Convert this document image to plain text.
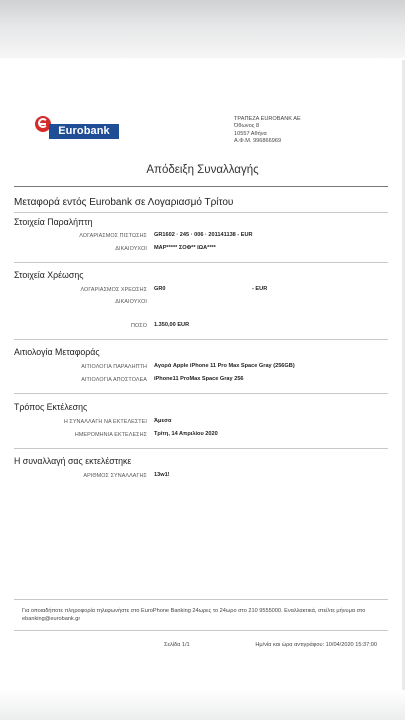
Eurobank
ΤΡΑΠΕΖΑ EUROBANK AE
Όθωνος 8
10557 Αθήνα
Α.Φ.Μ. 996866969
Απόδειξη Συναλλαγής
Μεταφορά εντός Eurobank σε Λογαριασμό Τρίτου
Στοιχεία Παραλήπτη
ΛΟΓΑΡΙΑΣΜΟΣ ΠΙΣΤΩΣΗΣ GR1602 · 245 · 006 · 201141138 - EUR
ΔΙΚΑΙΟΥΧΟΙ ΜΑΡ***** ΣΟΦ** ΙΩΑ****
Στοιχεία Χρέωσης
ΛΟΓΑΡΙΑΣΜΟΣ ΧΡΕΩΣΗΣ GR0	- EUR
ΔΙΚΑΙΟΥΧΟΙ
ΠΟΣΟ 1.350,00 EUR
Αιτιολογία Μεταφοράς
ΑΙΤΙΟΛΟΓΙΑ ΠΑΡΑΛΗΠΤΗ Αγορά Apple iPhone 11 Pro Max Space Gray (256GB)
ΑΙΤΙΟΛΟΓΙΑ ΑΠΟΣΤΟΛΕΑ iPhone11 ProMax Space Gray 256
Τρόπος Εκτέλεσης
Η ΣΥΝΑΛΛΑΓΗ ΝΑ ΕΚΤΕΛΕΣΤΕΙ Άμεσα
ΗΜΕΡΟΜΗΝΙΑ ΕΚΤΕΛΕΣΗΣ Τρίτη, 14 Απριλίου 2020
Η συναλλαγή σας εκτελέστηκε
ΑΡΙΘΜΟΣ ΣΥΝΑΛΛΑΓΗΣ 13w1!
Για οποιαδήποτε πληροφορία τηλεφωνήστε στο EuroPhone Banking 24ωρες το 24ωρο στο 210 9555000. Εναλλακτικά, στείλτε μήνυμα στο ebanking@eurobank.gr
Σελίδα 1/1	Ημ/νία και ώρα αντιγράφου: 10/04/2020 15:37:00
